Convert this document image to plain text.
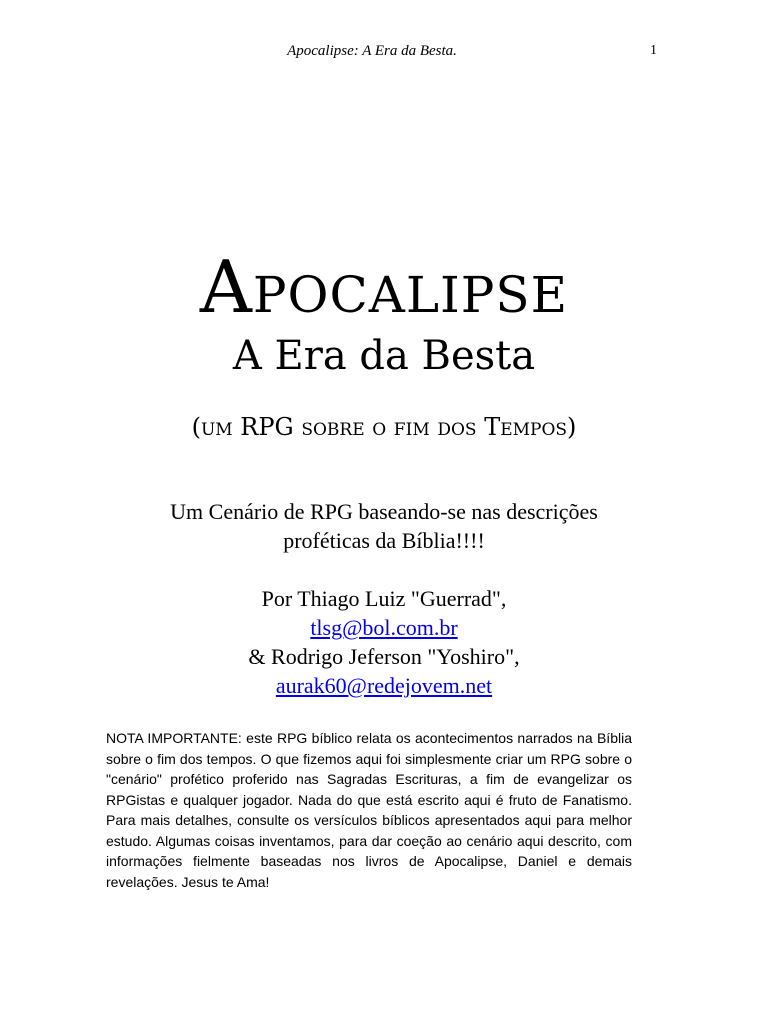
Apocalipse: A Era da Besta.	1
Apocalipse
A Era da Besta
(um RPG sobre o fim dos Tempos)
Um Cenário de RPG baseando-se nas descrições
proféticas da Bíblia!!!!
Por Thiago Luiz "Guerrad",
tlsg@bol.com.br
& Rodrigo Jeferson "Yoshiro",
aurak60@redejovem.net
NOTA IMPORTANTE: este RPG bíblico relata os acontecimentos narrados na Bíblia sobre o fim dos tempos. O que fizemos aqui foi simplesmente criar um RPG sobre o "cenário" profético proferido nas Sagradas Escrituras, a fim de evangelizar os RPGistas e qualquer jogador. Nada do que está escrito aqui é fruto de Fanatismo. Para mais detalhes, consulte os versículos bíblicos apresentados aqui para melhor estudo. Algumas coisas inventamos, para dar coeção ao cenário aqui descrito, com informações fielmente baseadas nos livros de Apocalipse, Daniel e demais revelações. Jesus te Ama!
